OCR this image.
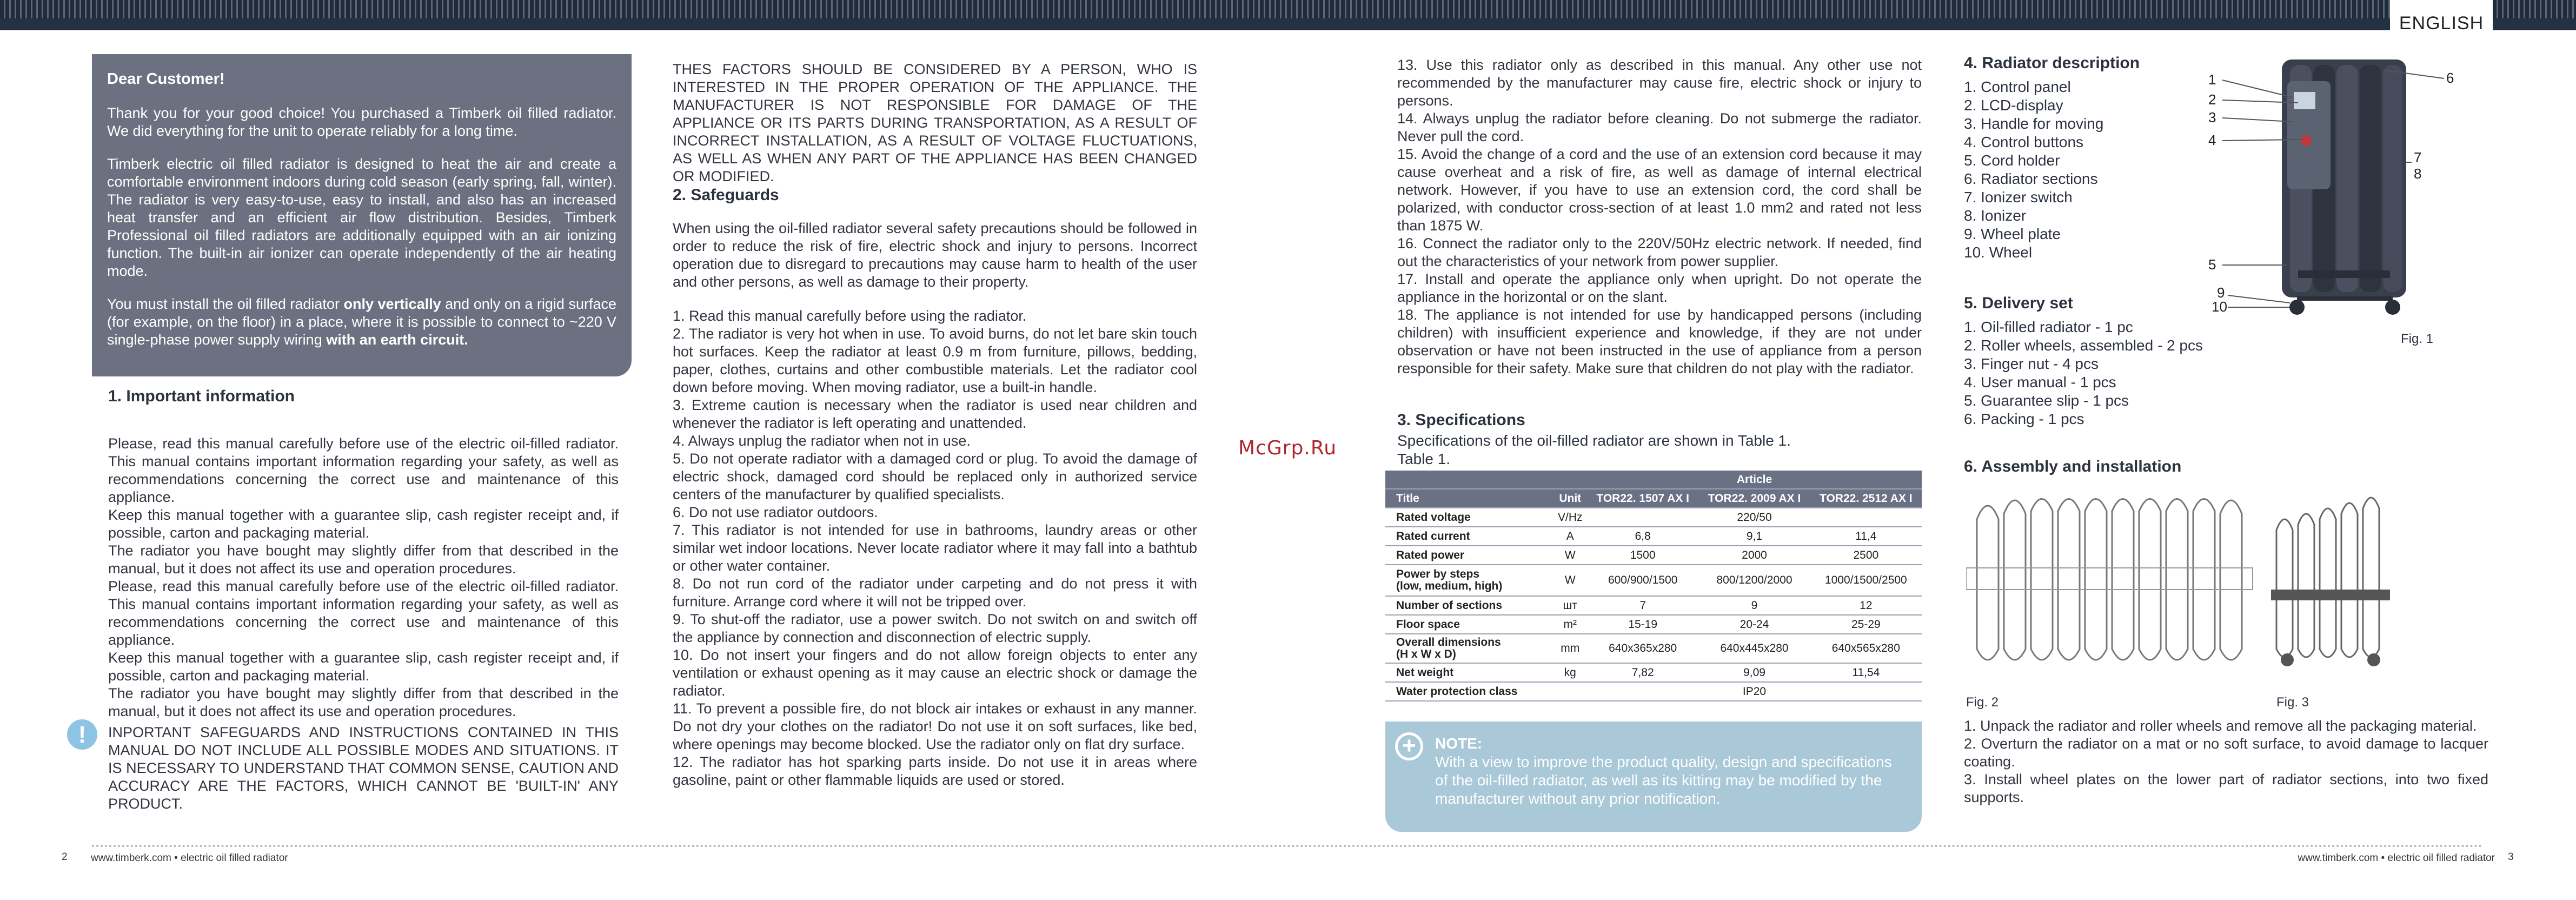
ENGLISH
Dear Customer!

Thank you for your good choice! You purchased a Timberk oil filled radiator. We did everything for the unit to operate reliably for a long time.

Timberk electric oil filled radiator is designed to heat the air and create a comfortable environment indoors during cold season (early spring, fall, winter). The radiator is very easy-to-use, easy to install, and also has an increased heat transfer and an efficient air flow distribution. Besides, Timberk Professional oil filled radiators are additionally equipped with an air ionizing function. The built-in air ionizer can operate independently of the air heating mode.

You must install the oil filled radiator only vertically and only on a rigid surface (for example, on the floor) in a place, where it is possible to connect to ~220 V single-phase power supply wiring with an earth circuit.

1. Important information

Please, read this manual carefully before use of the electric oil-filled radiator. This manual contains important information regarding your safety, as well as recommendations concerning the correct use and maintenance of this appliance.

Keep this manual together with a guarantee slip, cash register receipt and, if possible, carton and packaging material.

The radiator you have bought may slightly differ from that described in the manual, but it does not affect its use and operation procedures.

Please, read this manual carefully before use of the electric oil-filled radiator. This manual contains important information regarding your safety, as well as recommendations concerning the correct use and maintenance of this appliance.

Keep this manual together with a guarantee slip, cash register receipt and, if possible, carton and packaging material.

The radiator you have bought may slightly differ from that described in the manual, but it does not affect its use and operation procedures.

!	INPORTANT SAFEGUARDS AND INSTRUCTIONS CONTAINED IN THIS MANUAL DO NOT INCLUDE ALL POSSIBLE MODES AND SITUATIONS. IT IS NECESSARY TO UNDERSTAND THAT COMMON SENSE, CAUTION AND ACCURACY ARE THE FACTORS, WHICH CANNOT BE 'BUILT-IN' ANY PRODUCT.

THES FACTORS SHOULD BE CONSIDERED BY A PERSON, WHO IS INTERESTED IN THE PROPER OPERATION OF THE APPLIANCE. THE MANUFACTURER IS NOT RESPONSIBLE FOR DAMAGE OF THE APPLIANCE OR ITS PARTS DURING TRANSPORTATION, AS A RESULT OF INCORRECT INSTALLATION, AS A RESULT OF VOLTAGE FLUCTUATIONS, AS WELL AS WHEN ANY PART OF THE APPLIANCE HAS BEEN CHANGED OR MODIFIED.

2. Safeguards

When using the oil-filled radiator several safety precautions should be followed in order to reduce the risk of fire, electric shock and injury to persons. Incorrect operation due to disregard to precautions may cause harm to health of the user and other persons, as well as damage to their property.

1. Read this manual carefully before using the radiator.

2. The radiator is very hot when in use. To avoid burns, do not let bare skin touch hot surfaces. Keep the radiator at least 0.9 m from furniture, pillows, bedding, paper, clothes, curtains and other combustible materials. Let the radiator cool down before moving. When moving radiator, use a built-in handle.

3. Extreme caution is necessary when the radiator is used near children and whenever the radiator is left operating and unattended.

4. Always unplug the radiator when not in use.

5. Do not operate radiator with a damaged cord or plug. To avoid the damage of electric shock, damaged cord should be replaced only in authorized service centers of the manufacturer by qualified specialists.

6. Do not use radiator outdoors.

7. This radiator is not intended for use in bathrooms, laundry areas or other similar wet indoor locations. Never locate radiator where it may fall into a bathtub or other water container.

8. Do not run cord of the radiator under carpeting and do not press it with furniture. Arrange cord where it will not be tripped over.

9. To shut-off the radiator, use a power switch. Do not switch on and switch off the appliance by connection and disconnection of electric supply.

10. Do not insert your fingers and do not allow foreign objects to enter any ventilation or exhaust opening as it may cause an electric shock or damage the radiator.

11. To prevent a possible fire, do not block air intakes or exhaust in any manner. Do not dry your clothes on the radiator! Do not use it on soft surfaces, like bed, where openings may become blocked. Use the radiator only on flat dry surface.

12. The radiator has hot sparking parts inside. Do not use it in areas where gasoline, paint or other flammable liquids are used or stored.

McGrp.Ru

13. Use this radiator only as described in this manual. Any other use not recommended by the manufacturer may cause fire, electric shock or injury to persons.

14. Always unplug the radiator before cleaning. Do not submerge the radiator. Never pull the cord.

15. Avoid the change of a cord and the use of an extension cord because it may cause overheat and a risk of fire, as well as damage of internal electrical network. However, if you have to use an extension cord, the cord shall be polarized, with conductor cross-section of at least 1.0 mm2 and rated not less than 1875 W.

16. Connect the radiator only to the 220V/50Hz electric network. If needed, find out the characteristics of your network from power supplier.

17. Install and operate the appliance only when upright. Do not operate the appliance in the horizontal or on the slant.

18. The appliance is not intended for use by handicapped persons (including children) with insufficient experience and knowledge, if they are not under observation or have not been instructed in the use of appliance from a person responsible for their safety. Make sure that children do not play with the radiator.

3. Specifications
Specifications of the oil-filled radiator are shown in Table 1.
Table 1.
		Article		
Title	Unit	TOR22. 1507 AX I	TOR22. 2009 AX I	TOR22. 2512 AX I
Rated voltage	V/Hz	220/50		
Rated current	A	6,8	9,1	11,4
Rated power	W	1500	2000	2500
Power by steps
(low, medium, high)	W	600/900/1500	800/1200/2000	1000/1500/2500
Number of sections	шт	7	9	12
Floor space	m²	15-19	20-24	25-29
Overall dimensions
(H x W x D)	mm	640x365x280	640x445x280	640x565x280
Net weight	kg	7,82	9,09	11,54
Water protection class		IP20		
+	NOTE:
With a view to improve the product quality, design and specifications of the oil-filled radiator, as well as its kitting may be modified by the manufacturer without any prior notification.
4. Radiator description
1. Control panel
2. LCD-display
3. Handle for moving
4. Control buttons
5. Cord holder
6. Radiator sections
7. Ionizer switch
8. Ionizer
9. Wheel plate
10. Wheel
5. Delivery set
1. Oil-filled radiator - 1 pc
2. Roller wheels, assembled - 2 pcs
3. Finger nut - 4 pcs
4. User manual - 1 pcs
5. Guarantee slip - 1 pcs
6. Packing - 1 pcs
1
2
3
4
5
6
7
8
9
10
Fig. 1
6. Assembly and installation
Fig. 2	Fig. 3

1. Unpack the radiator and roller wheels and remove all the packaging material.

2. Overturn the radiator on a mat or no soft surface, to avoid damage to lacquer coating.

3. Install wheel plates on the lower part of radiator sections, into two fixed supports.

2 www.timberk.com • electric oil filled radiator	www.timberk.com • electric oil filled radiator 3
